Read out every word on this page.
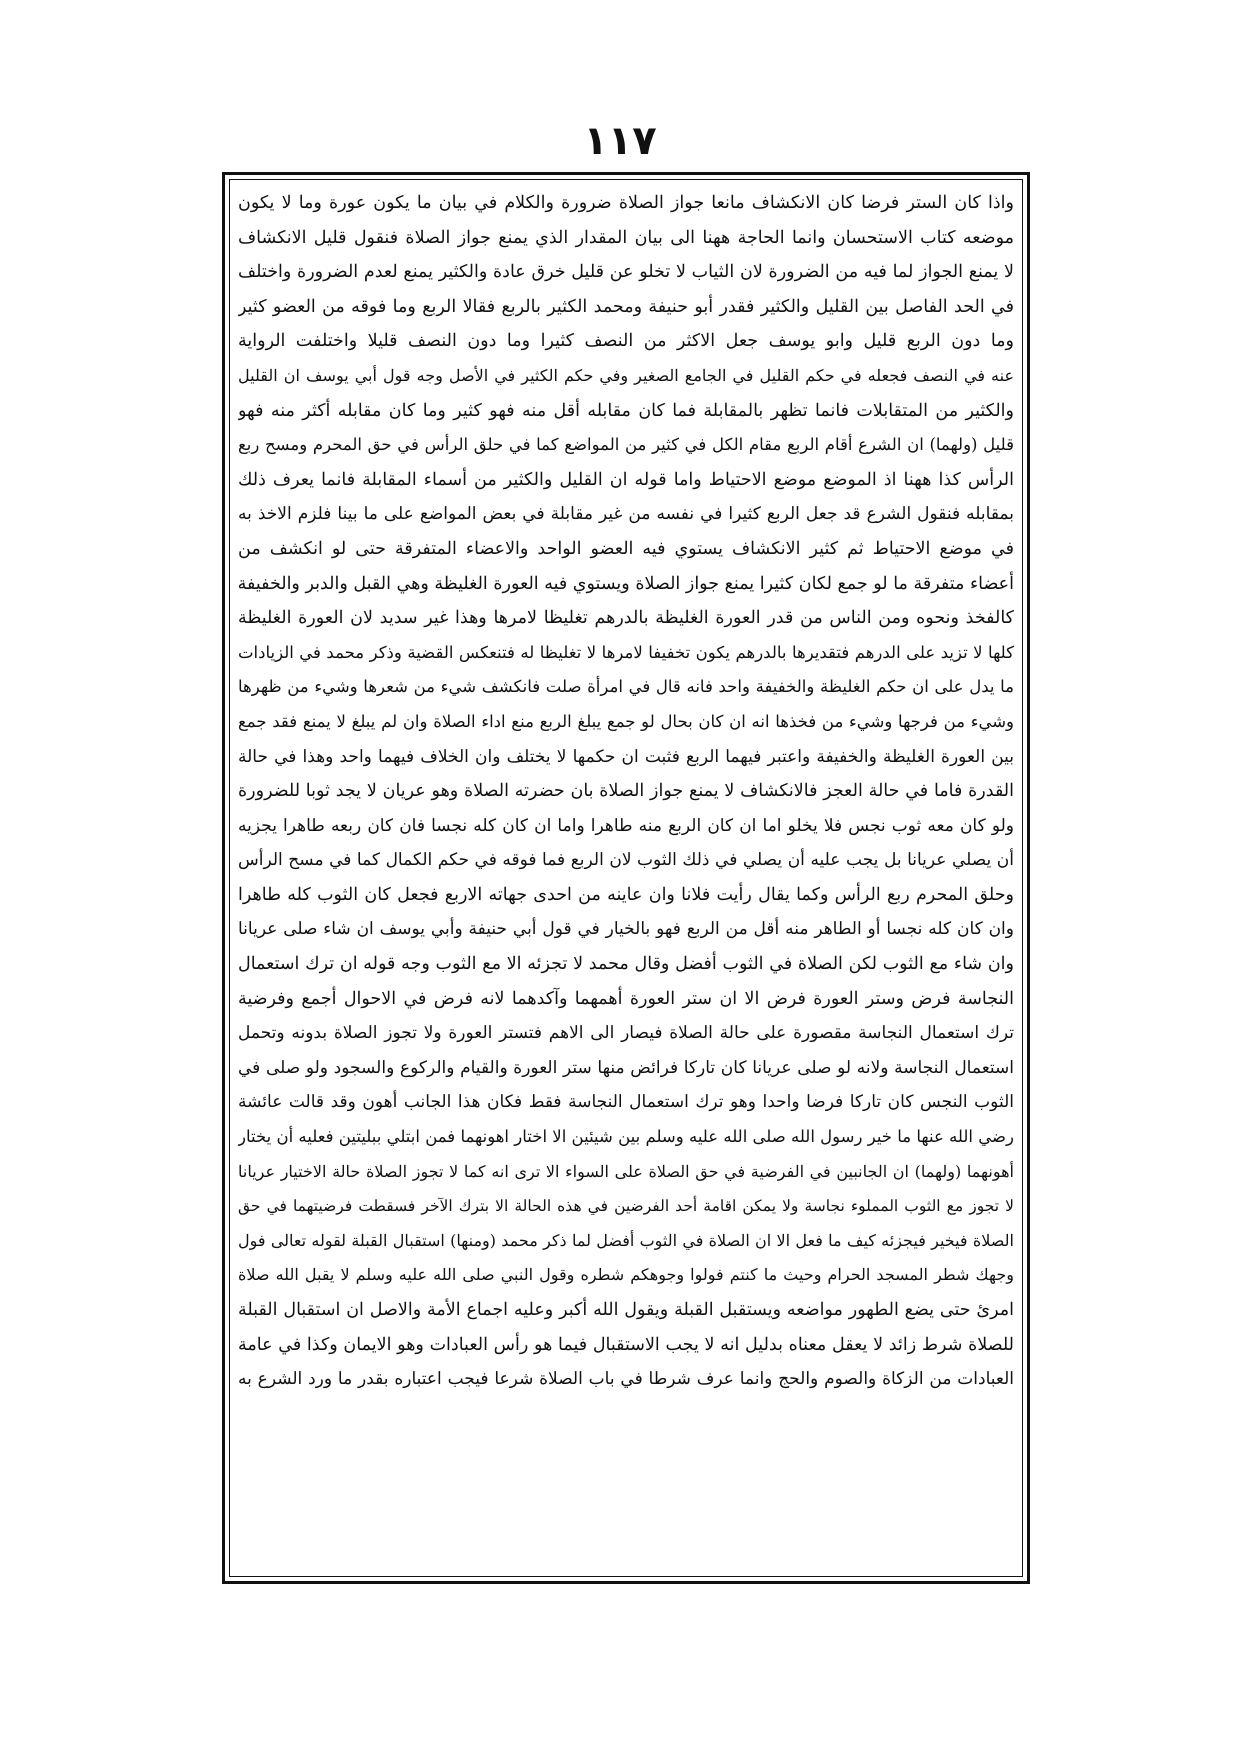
١١٧
واذا كان الستر فرضا كان الانكشاف مانعا جواز الصلاة ضرورة والكلام في بيان ما يكون عورة وما لا يكون
موضعه كتاب الاستحسان وانما الحاجة ههنا الى بيان المقدار الذي يمنع جواز الصلاة فنقول قليل الانكشاف
لا يمنع الجواز لما فيه من الضرورة لان الثياب لا تخلو عن قليل خرق عادة والكثير يمنع لعدم الضرورة واختلف
في الحد الفاصل بين القليل والكثير فقدر أبو حنيفة ومحمد الكثير بالربع فقالا الربع وما فوقه من العضو كثير
وما دون الربع قليل وابو يوسف جعل الاكثر من النصف كثيرا وما دون النصف قليلا واختلفت الرواية
عنه في النصف فجعله في حكم القليل في الجامع الصغير وفي حكم الكثير في الأصل وجه قول أبي يوسف ان القليل
والكثير من المتقابلات فانما تظهر بالمقابلة فما كان مقابله أقل منه فهو كثير وما كان مقابله أكثر منه فهو
قليل (ولهما) ان الشرع أقام الربع مقام الكل في كثير من المواضع كما في حلق الرأس في حق المحرم ومسح ربع
الرأس كذا ههنا اذ الموضع موضع الاحتياط واما قوله ان القليل والكثير من أسماء المقابلة فانما يعرف ذلك
بمقابله فنقول الشرع قد جعل الربع كثيرا في نفسه من غير مقابلة في بعض المواضع على ما بينا فلزم الاخذ به
في موضع الاحتياط ثم كثير الانكشاف يستوي فيه العضو الواحد والاعضاء المتفرقة حتى لو انكشف من
أعضاء متفرقة ما لو جمع لكان كثيرا يمنع جواز الصلاة ويستوي فيه العورة الغليظة وهي القبل والدبر والخفيفة
كالفخذ ونحوه ومن الناس من قدر العورة الغليظة بالدرهم تغليظا لامرها وهذا غير سديد لان العورة الغليظة
كلها لا تزيد على الدرهم فتقديرها بالدرهم يكون تخفيفا لامرها لا تغليظا له فتنعكس القضية وذكر محمد في الزيادات
ما يدل على ان حكم الغليظة والخفيفة واحد فانه قال في امرأة صلت فانكشف شيء من شعرها وشيء من ظهرها
وشيء من فرجها وشيء من فخذها انه ان كان بحال لو جمع يبلغ الربع منع اداء الصلاة وان لم يبلغ لا يمنع فقد جمع
بين العورة الغليظة والخفيفة واعتبر فيهما الربع فثبت ان حكمها لا يختلف وان الخلاف فيهما واحد وهذا في حالة
القدرة فاما في حالة العجز فالانكشاف لا يمنع جواز الصلاة بان حضرته الصلاة وهو عريان لا يجد ثوبا للضرورة
ولو كان معه ثوب نجس فلا يخلو اما ان كان الربع منه طاهرا واما ان كان كله نجسا فان كان ربعه طاهرا يجزيه
أن يصلي عريانا بل يجب عليه أن يصلي في ذلك الثوب لان الربع فما فوقه في حكم الكمال كما في مسح الرأس
وحلق المحرم ربع الرأس وكما يقال رأيت فلانا وان عاينه من احدى جهاته الاربع فجعل كان الثوب كله طاهرا
وان كان كله نجسا أو الطاهر منه أقل من الربع فهو بالخيار في قول أبي حنيفة وأبي يوسف ان شاء صلى عريانا
وان شاء مع الثوب لكن الصلاة في الثوب أفضل وقال محمد لا تجزئه الا مع الثوب وجه قوله ان ترك استعمال
النجاسة فرض وستر العورة فرض الا ان ستر العورة أهمهما وآكدهما لانه فرض في الاحوال أجمع وفرضية
ترك استعمال النجاسة مقصورة على حالة الصلاة فيصار الى الاهم فتستر العورة ولا تجوز الصلاة بدونه وتحمل
استعمال النجاسة ولانه لو صلى عريانا كان تاركا فرائض منها ستر العورة والقيام والركوع والسجود ولو صلى في
الثوب النجس كان تاركا فرضا واحدا وهو ترك استعمال النجاسة فقط فكان هذا الجانب أهون وقد قالت عائشة
رضي الله عنها ما خير رسول الله صلى الله عليه وسلم بين شيئين الا اختار اهونهما فمن ابتلي ببليتين فعليه أن يختار
أهونهما (ولهما) ان الجانبين في الفرضية في حق الصلاة على السواء الا ترى انه كما لا تجوز الصلاة حالة الاختيار عريانا
لا تجوز مع الثوب المملوء نجاسة ولا يمكن اقامة أحد الفرضين في هذه الحالة الا بترك الآخر فسقطت فرضيتهما في حق
الصلاة فيخير فيجزئه كيف ما فعل الا ان الصلاة في الثوب أفضل لما ذكر محمد (ومنها) استقبال القبلة لقوله تعالى فول
وجهك شطر المسجد الحرام وحيث ما كنتم فولوا وجوهكم شطره وقول النبي صلى الله عليه وسلم لا يقبل الله صلاة
امرئ حتى يضع الطهور مواضعه ويستقبل القبلة ويقول الله أكبر وعليه اجماع الأمة والاصل ان استقبال القبلة
للصلاة شرط زائد لا يعقل معناه بدليل انه لا يجب الاستقبال فيما هو رأس العبادات وهو الايمان وكذا في عامة
العبادات من الزكاة والصوم والحج وانما عرف شرطا في باب الصلاة شرعا فيجب اعتباره بقدر ما ورد الشرع به
